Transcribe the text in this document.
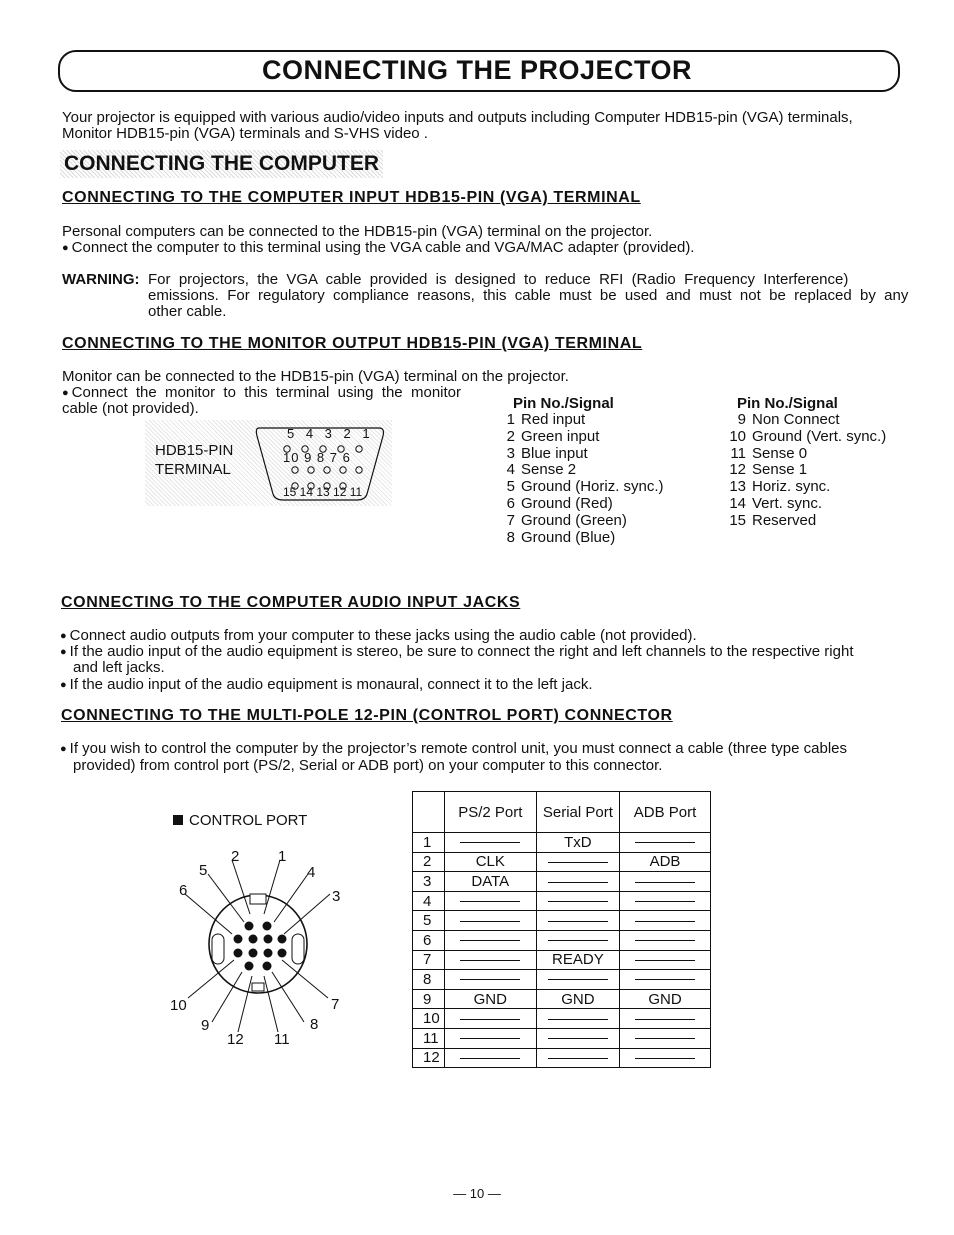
CONNECTING THE PROJECTOR
Your projector is equipped with various audio/video inputs and outputs including Computer HDB15-pin (VGA) terminals,
Monitor HDB15-pin (VGA) terminals and S-VHS video .
CONNECTING THE COMPUTER
CONNECTING TO THE COMPUTER INPUT HDB15-PIN (VGA) TERMINAL
Personal computers can be connected to the HDB15-pin (VGA) terminal on the projector.
● Connect the computer to this terminal using the VGA cable and VGA/MAC adapter (provided).
WARNING: For  projectors,  the  VGA  cable  provided  is  designed  to  reduce  RFI  (Radio  Frequency  Interference)
emissions.  For  regulatory  compliance  reasons,  this  cable  must  be  used  and  must  not  be  replaced  by  any
other cable.
CONNECTING TO THE MONITOR OUTPUT HDB15-PIN (VGA) TERMINAL
Monitor can be connected to the HDB15-pin (VGA) terminal on the projector.
● Connect  the  monitor  to  this  terminal  using  the  monitor
cable (not provided).
HDB15-PIN
TERMINAL
5 4 3 2 1
10 9 8 7 6
15 14 13 12 11
Pin No./Signal
1 Red input
2 Green input
3 Blue input
4 Sense 2
5 Ground (Horiz. sync.)
6 Ground (Red)
7 Ground (Green)
8 Ground (Blue)
Pin No./Signal
9 Non Connect
10 Ground (Vert. sync.)
11 Sense 0
12 Sense 1
13 Horiz. sync.
14 Vert. sync.
15 Reserved
CONNECTING TO THE COMPUTER AUDIO INPUT JACKS
● Connect audio outputs from your computer to these jacks using the audio cable (not provided).
● If the audio input of the audio equipment is stereo, be sure to connect the right and left channels to the respective right
and left jacks.
● If the audio input of the audio equipment is monaural, connect it to the left jack.
CONNECTING TO THE MULTI-POLE 12-PIN (CONTROL PORT) CONNECTOR
● If you wish to control the computer by the projector’s remote control unit, you must connect a cable (three type cables
provided) from control port (PS/2, Serial or ADB port) on your computer to this connector.
CONTROL PORT
1
2
3
4
5
6
7
8
9
10
11
12
	PS/2 Port	Serial Port	ADB Port
1		TxD	
2	CLK		ADB
3	DATA		
4			
5			
6			
7		READY	
8			
9	GND	GND	GND
10			
11			
12			
— 10 —
